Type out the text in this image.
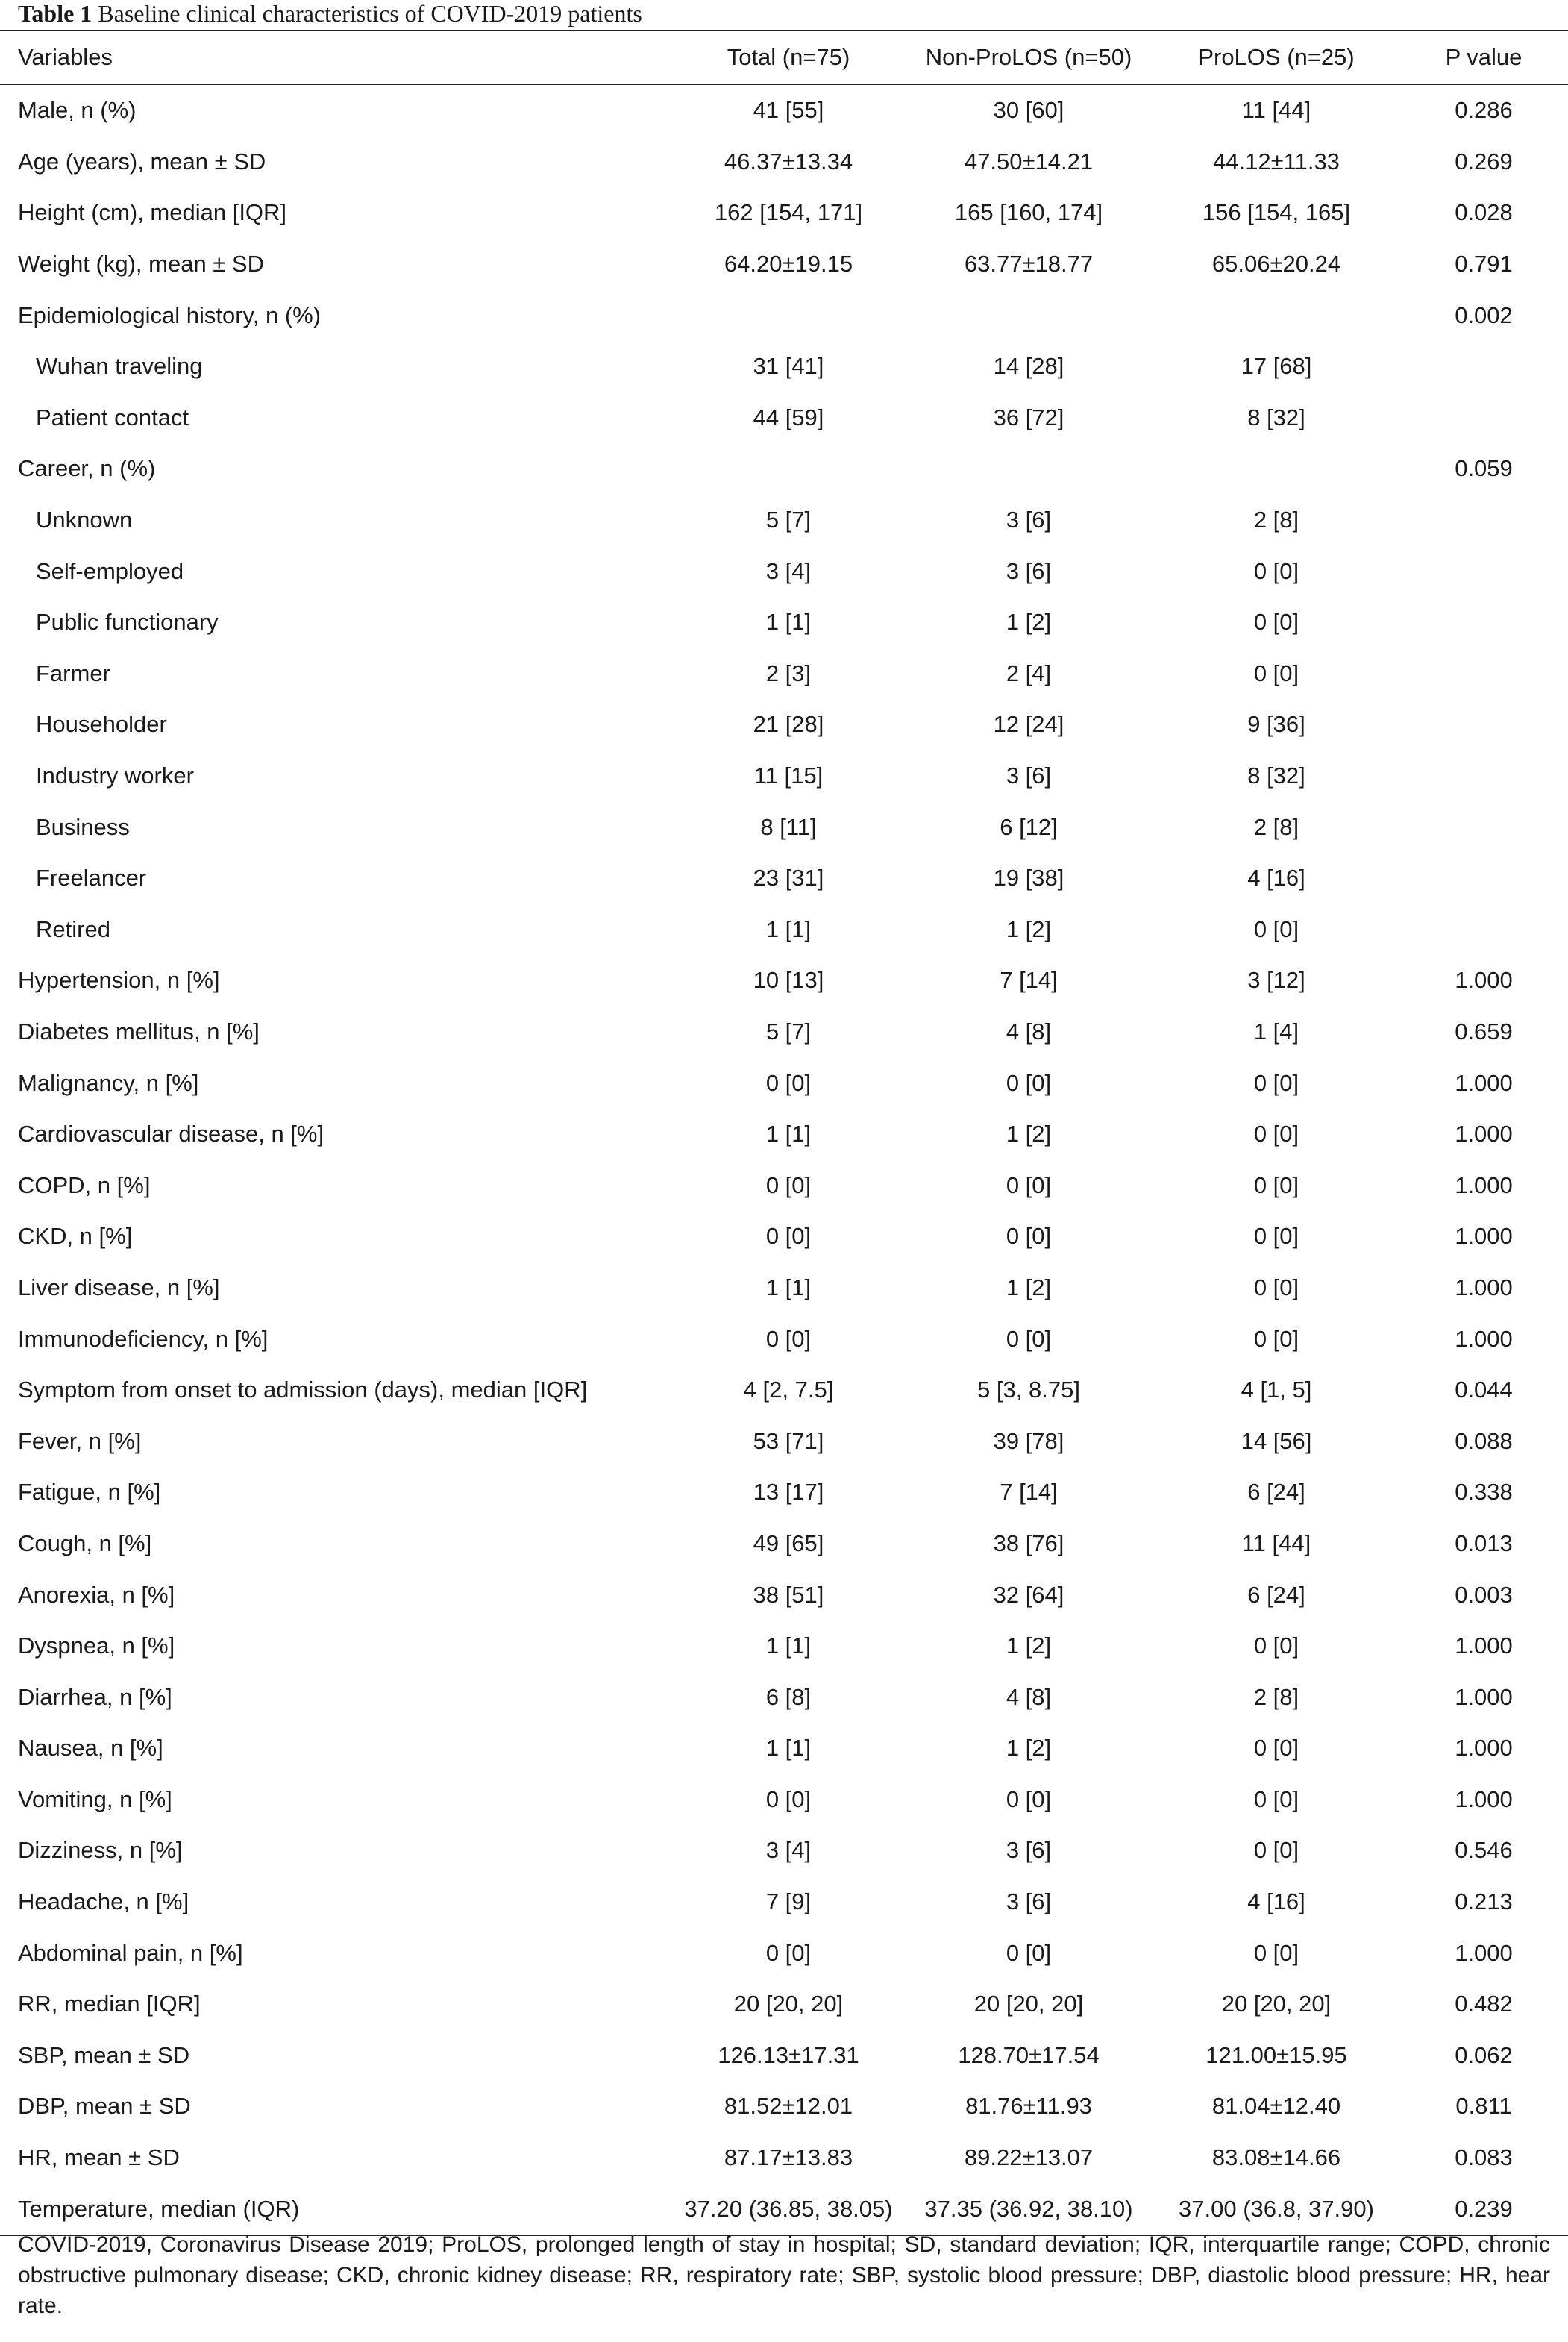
Table 1 Baseline clinical characteristics of COVID-2019 patients
Variables	Total (n=75)	Non-ProLOS (n=50)	ProLOS (n=25)	P value
Male, n (%)	41 [55]	30 [60]	11 [44]	0.286
Age (years), mean ± SD	46.37±13.34	47.50±14.21	44.12±11.33	0.269
Height (cm), median [IQR]	162 [154, 171]	165 [160, 174]	156 [154, 165]	0.028
Weight (kg), mean ± SD	64.20±19.15	63.77±18.77	65.06±20.24	0.791
Epidemiological history, n (%)				0.002
Wuhan traveling	31 [41]	14 [28]	17 [68]	
Patient contact	44 [59]	36 [72]	8 [32]	
Career, n (%)				0.059
Unknown	5 [7]	3 [6]	2 [8]	
Self-employed	3 [4]	3 [6]	0 [0]	
Public functionary	1 [1]	1 [2]	0 [0]	
Farmer	2 [3]	2 [4]	0 [0]	
Householder	21 [28]	12 [24]	9 [36]	
Industry worker	11 [15]	3 [6]	8 [32]	
Business	8 [11]	6 [12]	2 [8]	
Freelancer	23 [31]	19 [38]	4 [16]	
Retired	1 [1]	1 [2]	0 [0]	
Hypertension, n [%]	10 [13]	7 [14]	3 [12]	1.000
Diabetes mellitus, n [%]	5 [7]	4 [8]	1 [4]	0.659
Malignancy, n [%]	0 [0]	0 [0]	0 [0]	1.000
Cardiovascular disease, n [%]	1 [1]	1 [2]	0 [0]	1.000
COPD, n [%]	0 [0]	0 [0]	0 [0]	1.000
CKD, n [%]	0 [0]	0 [0]	0 [0]	1.000
Liver disease, n [%]	1 [1]	1 [2]	0 [0]	1.000
Immunodeficiency, n [%]	0 [0]	0 [0]	0 [0]	1.000
Symptom from onset to admission (days), median [IQR]	4 [2, 7.5]	5 [3, 8.75]	4 [1, 5]	0.044
Fever, n [%]	53 [71]	39 [78]	14 [56]	0.088
Fatigue, n [%]	13 [17]	7 [14]	6 [24]	0.338
Cough, n [%]	49 [65]	38 [76]	11 [44]	0.013
Anorexia, n [%]	38 [51]	32 [64]	6 [24]	0.003
Dyspnea, n [%]	1 [1]	1 [2]	0 [0]	1.000
Diarrhea, n [%]	6 [8]	4 [8]	2 [8]	1.000
Nausea, n [%]	1 [1]	1 [2]	0 [0]	1.000
Vomiting, n [%]	0 [0]	0 [0]	0 [0]	1.000
Dizziness, n [%]	3 [4]	3 [6]	0 [0]	0.546
Headache, n [%]	7 [9]	3 [6]	4 [16]	0.213
Abdominal pain, n [%]	0 [0]	0 [0]	0 [0]	1.000
RR, median [IQR]	20 [20, 20]	20 [20, 20]	20 [20, 20]	0.482
SBP, mean ± SD	126.13±17.31	128.70±17.54	121.00±15.95	0.062
DBP, mean ± SD	81.52±12.01	81.76±11.93	81.04±12.40	0.811
HR, mean ± SD	87.17±13.83	89.22±13.07	83.08±14.66	0.083
Temperature, median (IQR)	37.20 (36.85, 38.05)	37.35 (36.92, 38.10)	37.00 (36.8, 37.90)	0.239
COVID-2019, Coronavirus Disease 2019; ProLOS, prolonged length of stay in hospital; SD, standard deviation; IQR, interquartile range; COPD, chronic obstructive pulmonary disease; CKD, chronic kidney disease; RR, respiratory rate; SBP, systolic blood pressure; DBP, diastolic blood pressure; HR, hear rate.
